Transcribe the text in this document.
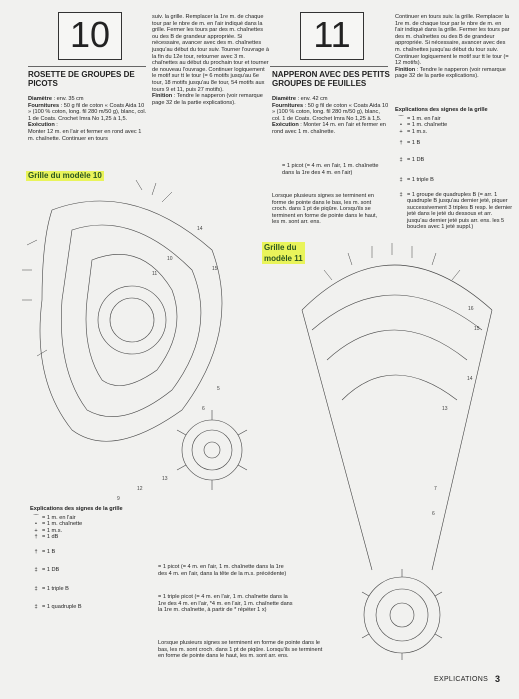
10
ROSETTE DE GROUPES DE PICOTS

Diamètre : env. 35 cm

Fournitures : 50 g fil de coton « Coats Aida 10 » (100 % coton, long. fil 280 m/50 g), blanc, col. 1 de Coats. Crochet Imra No 1,25 à 1,5.

Exécution :

Monter 12 m. en l'air et fermer en rond avec 1 m. chaînette. Continuer en tours

suiv. la grille. Remplacer la 1re m. de chaque tour par le nbre de m. en l'air indiqué dans la grille. Fermer les tours par des m. chaînettes ou des B de grandeur appropriée. Si nécessaire, avancer avec des m. chaînettes jusqu'au début du tour suiv. Tourner l'ouvrage à la fin du 12e tour, retourner avec 3 m. chaînettes au début du prochain tour et tourner de nouveau l'ouvrage. Continuer logiquement le motif sur tt le tour (= 6 motifs jusqu'au 6e tour, 18 motifs jusqu'au 8e tour, 54 motifs aux tours 9 et 11, puis 27 motifs).

Finition : Tendre le napperon (voir remarque page 32 de la partie explications).

Grille du modèle 10
11
NAPPERON AVEC DES PETITS GROUPES DE FEUILLES

Diamètre : env. 42 cm

Fournitures : 50 g fil de coton « Coats Aida 10 » (100 % coton, long. fil 280 m/50 g), blanc, col. 1 de Coats. Crochet Imra No 1,25 à 1,5.

Exécution : Monter 14 m. en l'air et fermer en rond avec 1 m. chaînette.

Continuer en tours suiv. la grille. Remplacer la 1re m. de chaque tour par le nbre de m. en l'air indiqué dans la grille. Fermer les tours par des m. chaînettes ou des B de grandeur appropriée. Si nécessaire, avancer avec des m. chaînettes jusqu'au début du tour suiv. Continuer logiquement le motif sur tt le tour (= 12 motifs).

Finition : Tendre le napperon (voir remarque page 32 de la partie explications).

Explications des signes de la grille
⌒ = 1 m. en l'air
• = 1 m. chaînette
+ = 1 m.s.
† = 1 B
‡ = 1 DB
‡ = 1 triple B
‡ = 1 groupe de quadruples B (= arr. 1 quadruple B jusqu'au dernier jeté, piquer successivement 3 triples B resp. le dernier jeté dans le jeté du dessous et arr. jusqu'au dernier jeté puis arr. ens. les 5 boucles avec 1 jeté suppl.)

= 1 picot (= 4 m. en l'air, 1 m. chaînette dans la 1re des 4 m. en l'air)

Lorsque plusieurs signes se terminent en forme de pointe dans le bas, les m. sont croch. dans 1 pt de piqûre. Lorsqu'ils se terminent en forme de pointe dans le haut, les m. sont arr. ens.

Grille du
modèle 11
14
15
5
6
11
10
13
12
9
16
15
14
13
7
6
Explications des signes de la grille
⌒ = 1 m. en l'air
• = 1 m. chaînette
+ = 1 m.s.
† = 1 dB
† = 1 B
‡ = 1 DB
‡ = 1 triple B
‡ = 1 quadruple B

= 1 picot (= 4 m. en l'air, 1 m. chaînette dans la 1re des 4 m. en l'air, dans la tête de la m.s. précédente)

= 1 triple picot (= 4 m. en l'air, 1 m. chaînette dans la 1re des 4 m. en l'air, *4 m. en l'air, 1 m. chaînette dans la 1re m. chaînette, à partir de * répéter 1 x)

Lorsque plusieurs signes se terminent en forme de pointe dans le bas, les m. sont croch. dans 1 pt de piqûre. Lorsqu'ils se terminent en forme de pointe dans le haut, les m. sont arr. ens.

EXPLICATIONS 3
